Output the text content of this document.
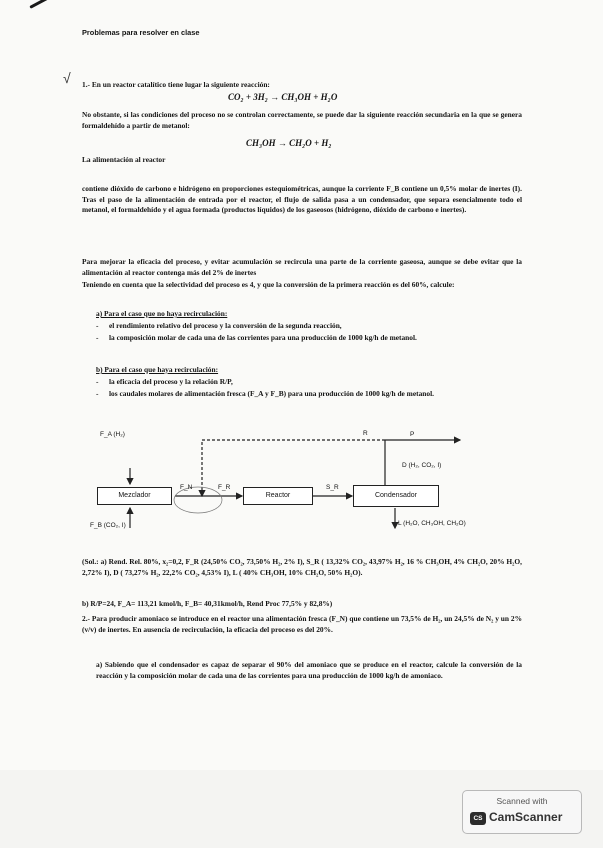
Problemas para resolver en clase
√ 1.- En un reactor catalítico tiene lugar la siguiente reacción:

CO₂ + 3H₂ → CH₃OH + H₂O

No obstante, si las condiciones del proceso no se controlan correctamente, se puede dar la siguiente reacción secundaria en la que se genera formaldehído a partir de metanol:

CH₃OH → CH₂O + H₂

La alimentación al reactor

contiene dióxido de carbono e hidrógeno en proporciones estequiométricas, aunque la corriente F_B contiene un 0,5% molar de inertes (I). Tras el paso de la alimentación de entrada por el reactor, el flujo de salida pasa a un condensador, que separa esencialmente todo el metanol, el formaldehído y el agua formada (productos líquidos) de los gaseosos (hidrógeno, dióxido de carbono e inertes).

Para mejorar la eficacia del proceso, y evitar acumulación se recircula una parte de la corriente gaseosa, aunque se debe evitar que la alimentación al reactor contenga más del 2% de inertes

Teniendo en cuenta que la selectividad del proceso es 4, y que la conversión de la primera reacción es del 60%, calcule:

a) Para el caso que no haya recirculación:

- el rendimiento relativo del proceso y la conversión de la segunda reacción,

- la composición molar de cada una de las corrientes para una producción de 1000 kg/h de metanol.

b) Para el caso que haya recirculación:

- la eficacia del proceso y la relación R/P,

- los caudales molares de alimentación fresca (F_A y F_B) para una producción de 1000 kg/h de metanol.

Mezclador	Reactor	Condensador
F_A (H₂)
F_B (CO₂, I)
F_N	F_R	S_R
R	P
D (H₂, CO₂, I)
L (H₂O, CH₃OH, CH₂O)

(Sol.: a) Rend. Rel. 80%, x₂=0,2, F_R (24,50% CO₂, 73,50% H₂, 2% I), S_R ( 13,32% CO₂, 43,97% H₂, 16 % CH₃OH, 4% CH₂O, 20% H₂O, 2,72% I), D ( 73,27% H₂, 22,2% CO₂, 4,53% I), L ( 40% CH₃OH, 10% CH₂O, 50% H₂O).

b) R/P=24, F_A= 113,21 kmol/h, F_B= 40,31kmol/h, Rend Proc 77,5% y 82,8%)

2.- Para producir amoniaco se introduce en el reactor una alimentación fresca (F_N) que contiene un 73,5% de H₂, un 24,5% de N₂ y un 2% (v/v) de inertes. En ausencia de recirculación, la eficacia del proceso es del 20%.

a) Sabiendo que el condensador es capaz de separar el 90% del amoniaco que se produce en el reactor, calcule la conversión de la reacción y la composición molar de cada una de las corrientes para una producción de 1000 kg/h de amoniaco.

Scanned with
CS CamScanner
